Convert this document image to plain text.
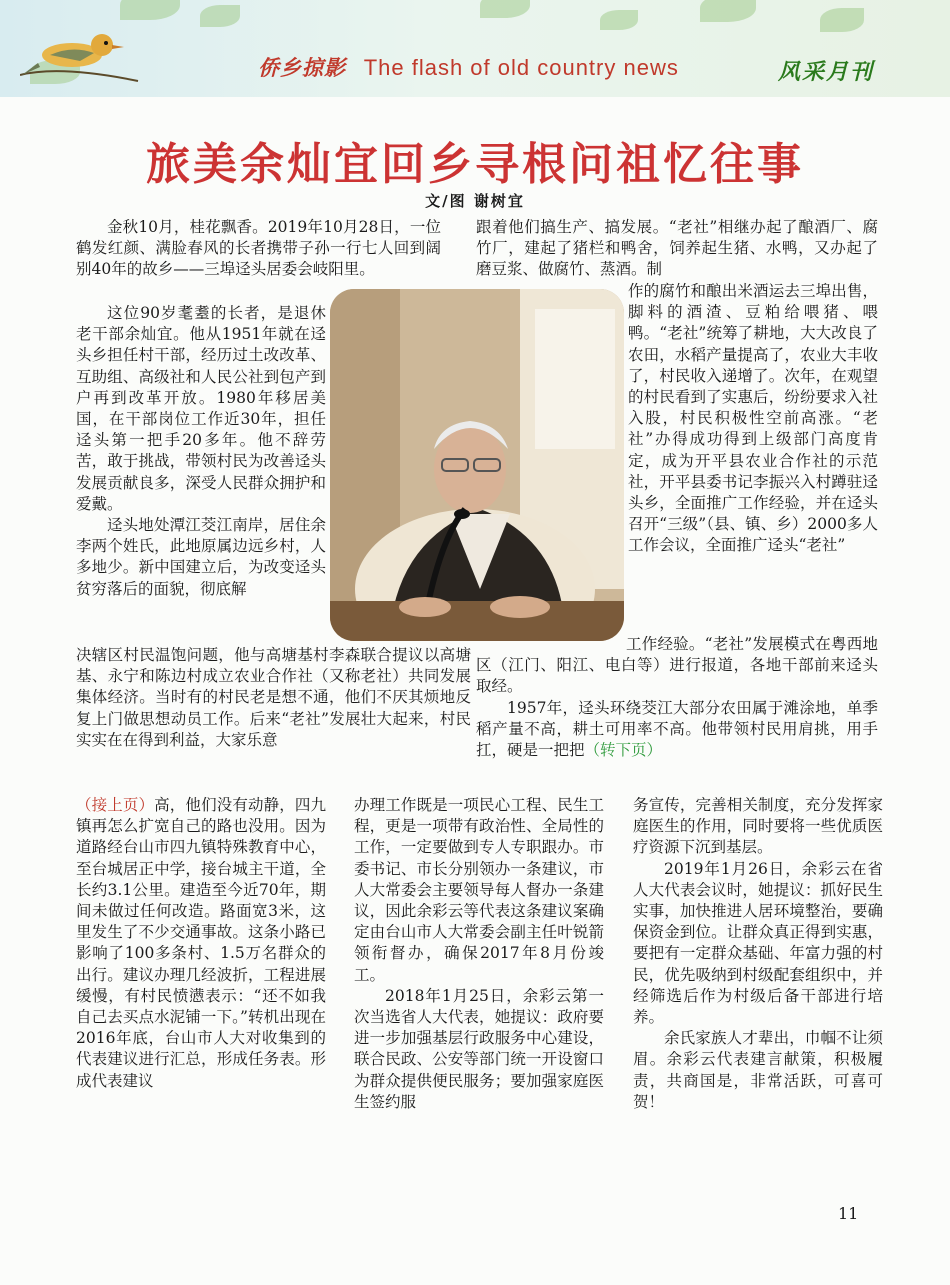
侨乡掠影 The flash of old country news	风采月刊
旅美余灿宜回乡寻根问祖忆往事
文/图 谢树宜

金秋10月，桂花飘香。2019年10月28日，一位鹤发红颜、满脸春风的长者携带子孙一行七人回到阔别40年的故乡——三埠迳头居委会岐阳里。

这位90岁耄耋的长者，是退休老干部余灿宜。他从1951年就在迳头乡担任村干部，经历过土改改革、互助组、高级社和人民公社到包产到户再到改革开放。1980年移居美国，在干部岗位工作近30年，担任迳头第一把手20多年。他不辞劳苦，敢于挑战，带领村民为改善迳头发展贡献良多，深受人民群众拥护和爱戴。

迳头地处潭江茭江南岸，居住余李两个姓氏，此地原属边远乡村，人多地少。新中国建立后，为改变迳头贫穷落后的面貌，彻底解

决辖区村民温饱问题，他与高塘基村李森联合提议以高塘基、永宁和陈边村成立农业合作社（又称老社）共同发展集体经济。当时有的村民老是想不通，他们不厌其烦地反复上门做思想动员工作。后来“老社”发展壮大起来，村民实实在在得到利益，大家乐意

跟着他们搞生产、搞发展。“老社”相继办起了酿酒厂、腐竹厂，建起了猪栏和鸭舍，饲养起生猪、水鸭，又办起了磨豆浆、做腐竹、蒸酒。制

作的腐竹和酿出米酒运去三埠出售，脚料的酒渣、豆粕给喂猪、喂鸭。“老社”统筹了耕地，大大改良了农田，水稻产量提高了，农业大丰收了，村民收入递增了。次年，在观望的村民看到了实惠后，纷纷要求入社入股，村民积极性空前高涨。“老社”办得成功得到上级部门高度肯定，成为开平县农业合作社的示范社，开平县委书记李振兴入村蹲驻迳头乡，全面推广工作经验，并在迳头召开“三级”（县、镇、乡）2000多人工作会议，全面推广迳头“老社”

工作经验。“老社”发展模式在粤西地区（江门、阳江、电白等）进行报道，各地干部前来迳头取经。

1957年，迳头环绕茭江大部分农田属于滩涂地，单季稻产量不高，耕土可用率不高。他带领村民用肩挑，用手扛，硬是一把把（转下页）

（接上页）高，他们没有动静，四九镇再怎么扩宽自己的路也没用。因为道路经台山市四九镇特殊教育中心，至台城居正中学，接台城主干道，全长约3.1公里。建造至今近70年，期间未做过任何改造。路面宽3米，这里发生了不少交通事故。这条小路已影响了100多条村、1.5万名群众的出行。建议办理几经波折，工程进展缓慢，有村民愤懑表示：“还不如我自己去买点水泥铺一下。”转机出现在2016年底，台山市人大对收集到的代表建议进行汇总，形成任务表。形成代表建议

办理工作既是一项民心工程、民生工程，更是一项带有政治性、全局性的工作，一定要做到专人专职跟办。市委书记、市长分别领办一条建议，市人大常委会主要领导每人督办一条建议，因此余彩云等代表这条建议案确定由台山市人大常委会副主任叶锐箭领衔督办，确保2017年8月份竣工。

2018年1月25日，余彩云第一次当选省人大代表，她提议：政府要进一步加强基层行政服务中心建设，联合民政、公安等部门统一开设窗口为群众提供便民服务；要加强家庭医生签约服

务宣传，完善相关制度，充分发挥家庭医生的作用，同时要将一些优质医疗资源下沉到基层。

2019年1月26日，余彩云在省人大代表会议时，她提议：抓好民生实事，加快推进人居环境整治，要确保资金到位。让群众真正得到实惠，要把有一定群众基础、年富力强的村民，优先吸纳到村级配套组织中，并经筛选后作为村级后备干部进行培养。

余氏家族人才辈出，巾帼不让须眉。余彩云代表建言献策，积极履责，共商国是，非常活跃，可喜可贺！

11
